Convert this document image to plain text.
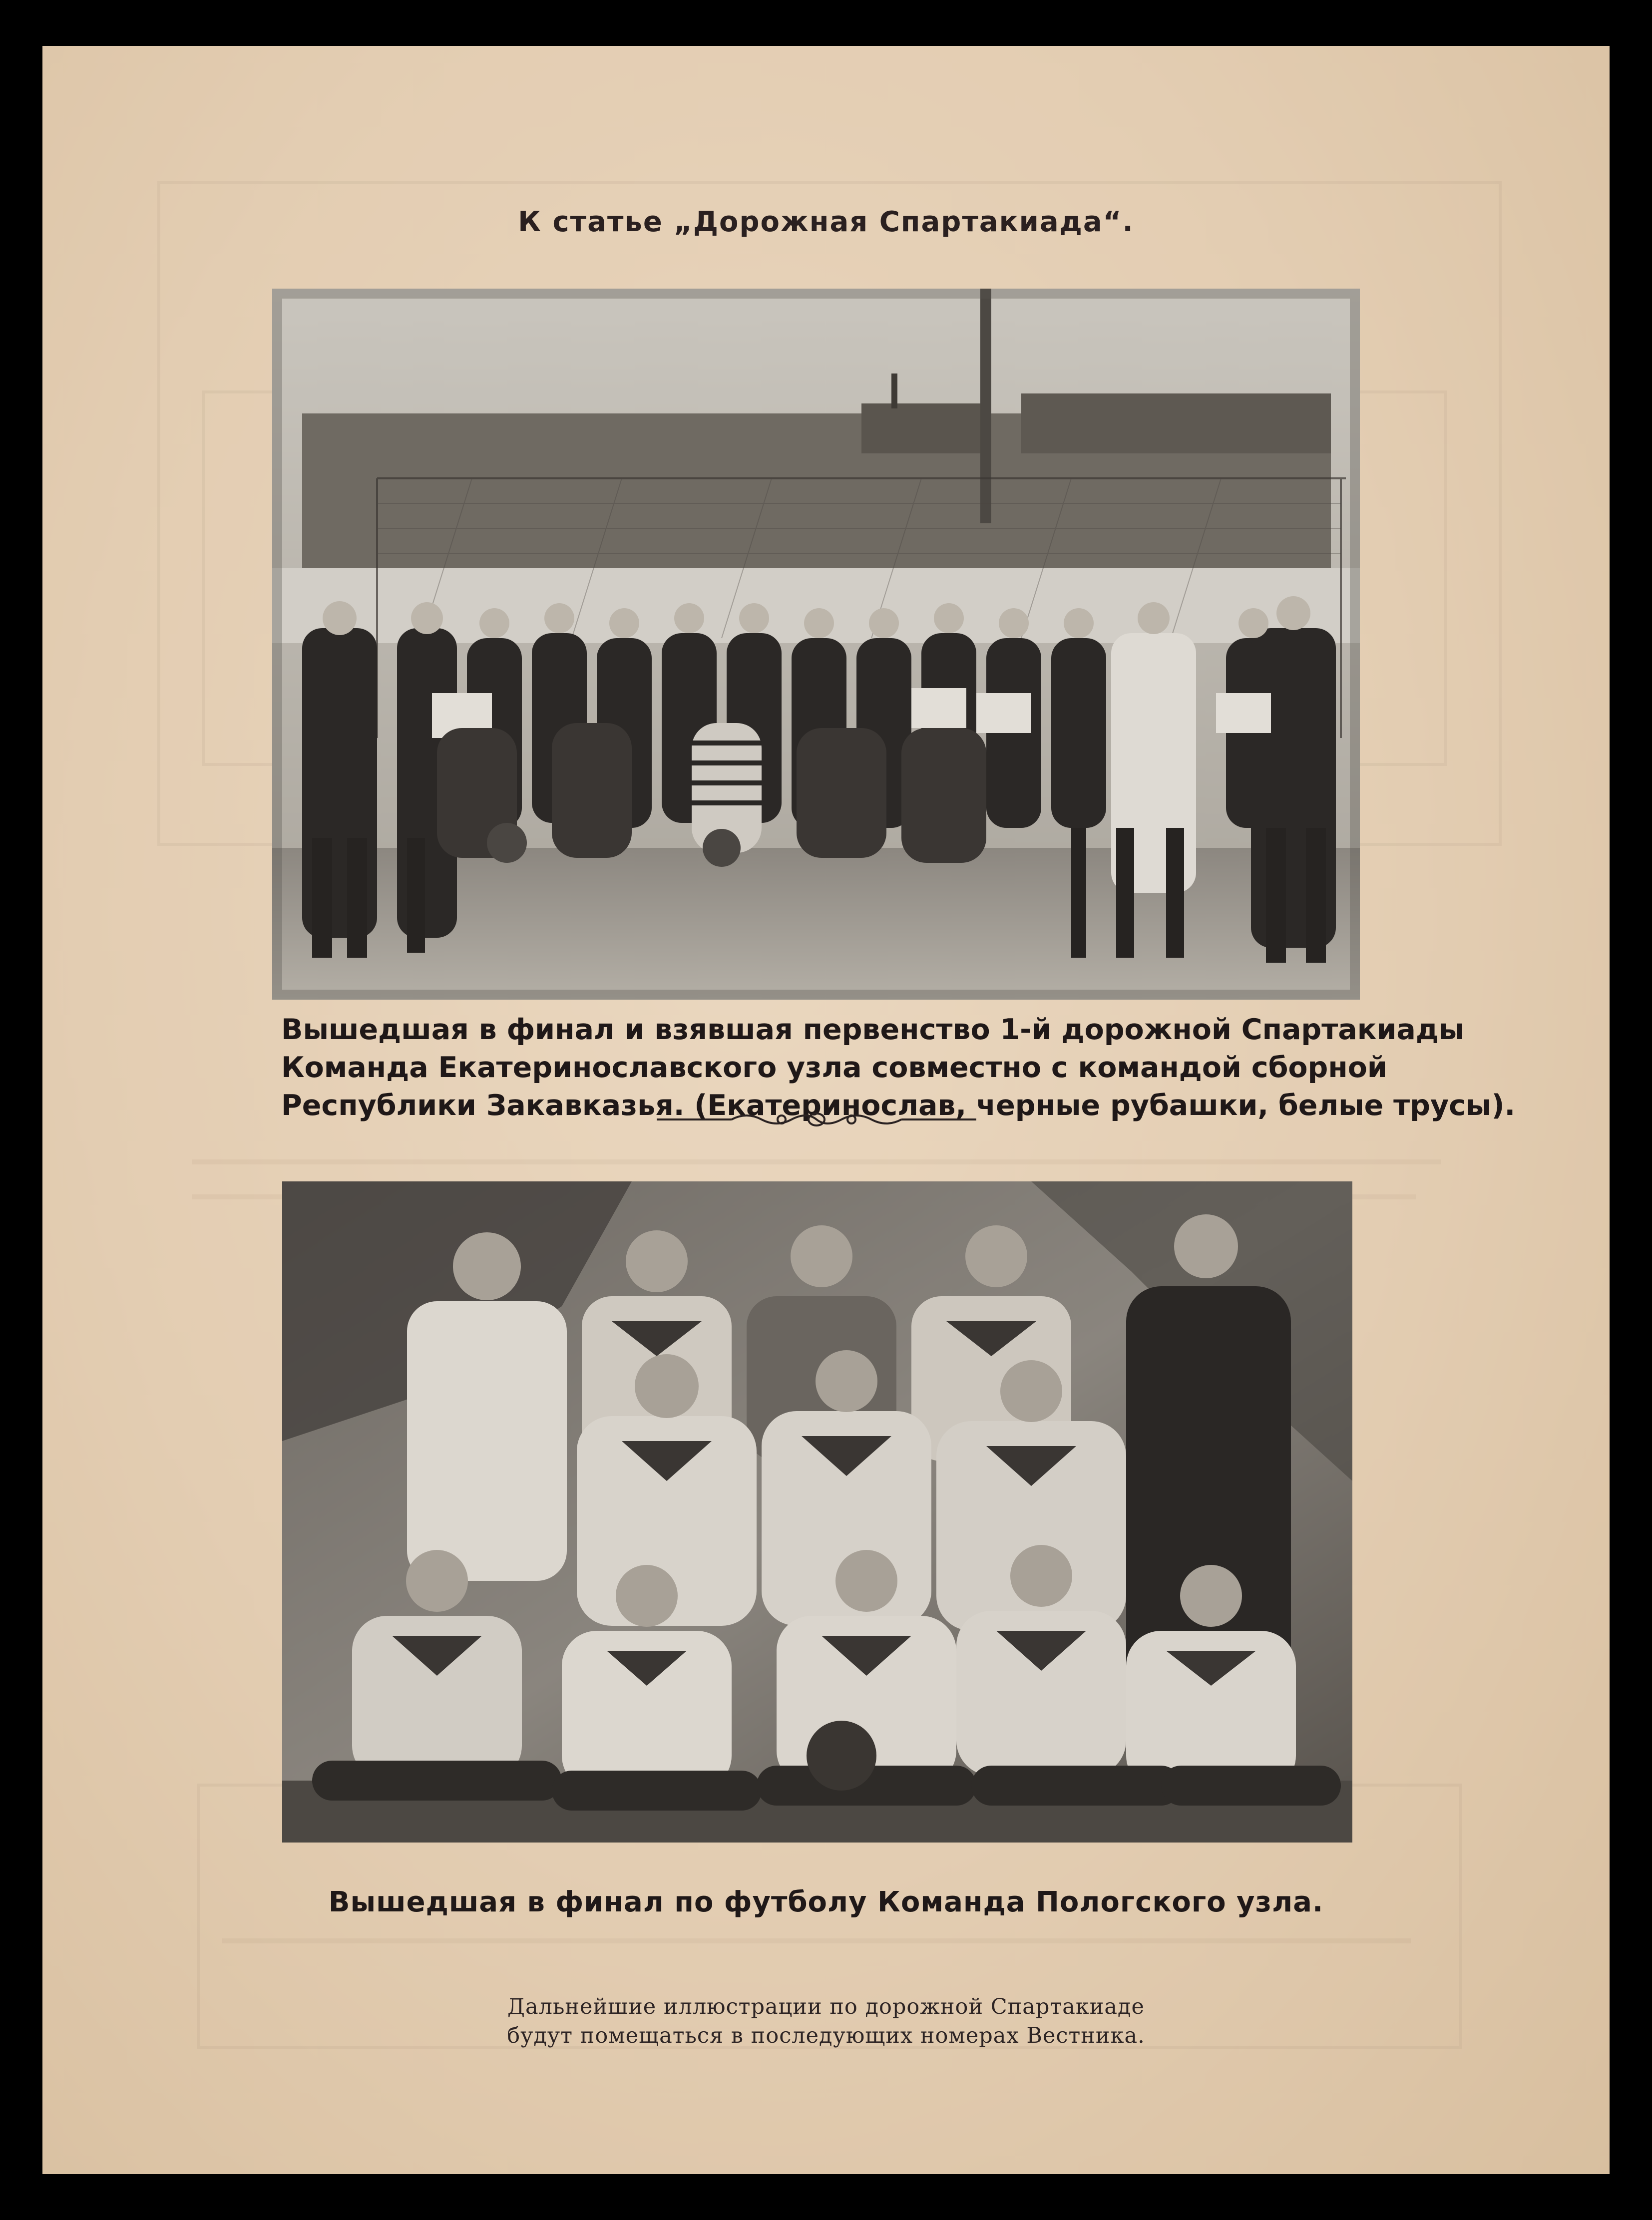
К статье „Дорожная Спартакиада“.
Вышедшая в финал и взявшая первенство 1-й дорожной Спартакиады
Команда Екатеринославского узла совместно с командой сборной
Республики Закавказья. (Екатеринослав, черные рубашки, белые трусы).
Вышедшая в финал по футболу Команда Пологского узла.
Дальнейшие иллюстрации по дорожной Спартакиаде
будут помещаться в последующих номерах Вестника.
